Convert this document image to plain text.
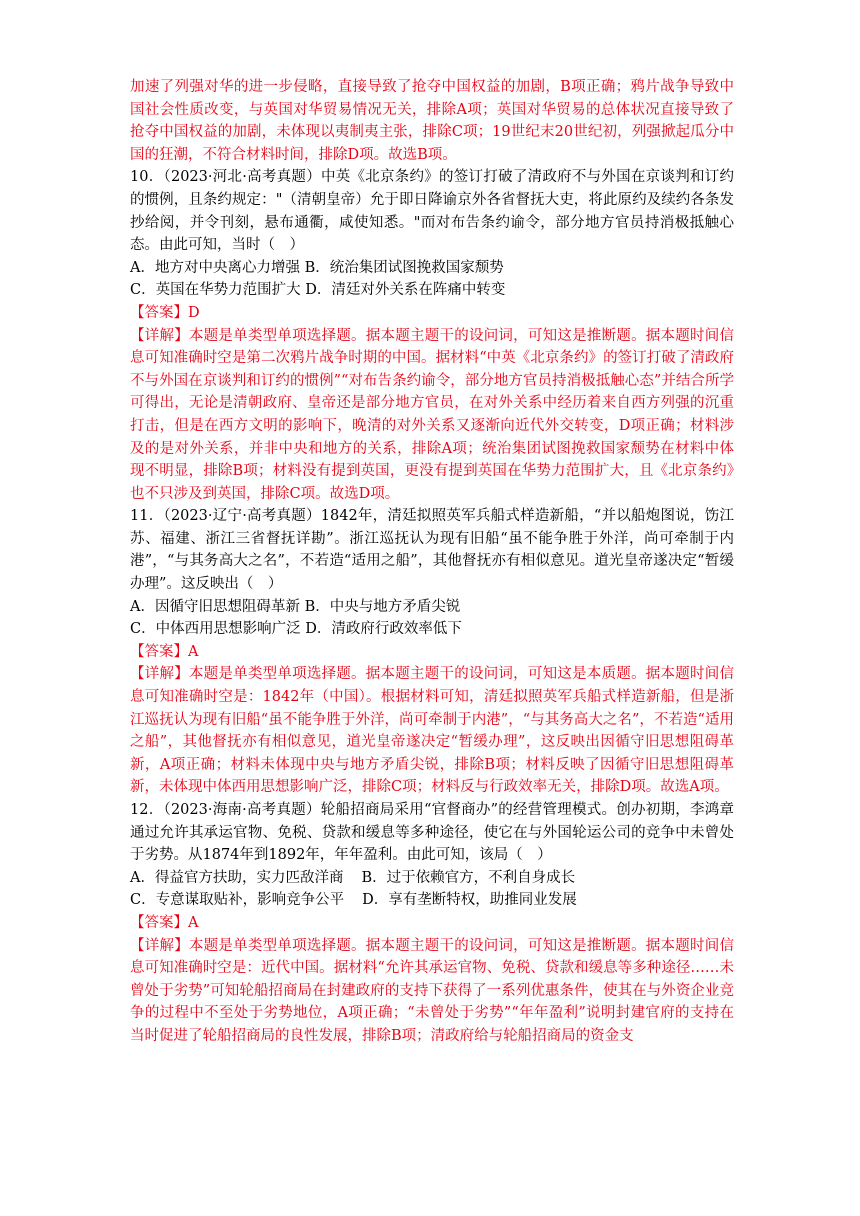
加速了列强对华的进一步侵略，直接导致了抢夺中国权益的加剧，B项正确；鸦片战争导致中国社会性质改变，与英国对华贸易情况无关，排除A项；英国对华贸易的总体状况直接导致了抢夺中国权益的加剧，未体现以夷制夷主张，排除C项；19世纪末20世纪初，列强掀起瓜分中国的狂潮，不符合材料时间，排除D项。故选B项。

10．（2023·河北·高考真题）中英《北京条约》的签订打破了清政府不与外国在京谈判和订约的惯例，且条约规定："（清朝皇帝）允于即日降谕京外各省督抚大吏，将此原约及续约各条发抄给阅，并令刊刻，悬布通衢，咸使知悉。"而对布告条约谕令，部分地方官员持消极抵触心态。由此可知，当时（　）

A．地方对中央离心力增强 B．统治集团试图挽救国家颓势

C．英国在华势力范围扩大 D．清廷对外关系在阵痛中转变

【答案】D

【详解】本题是单类型单项选择题。据本题主题干的设问词，可知这是推断题。据本题时间信息可知准确时空是第二次鸦片战争时期的中国。据材料“中英《北京条约》的签订打破了清政府不与外国在京谈判和订约的惯例”“对布告条约谕令，部分地方官员持消极抵触心态”并结合所学可得出，无论是清朝政府、皇帝还是部分地方官员，在对外关系中经历着来自西方列强的沉重打击，但是在西方文明的影响下，晚清的对外关系又逐渐向近代外交转变，D项正确；材料涉及的是对外关系，并非中央和地方的关系，排除A项；统治集团试图挽救国家颓势在材料中体现不明显，排除B项；材料没有提到英国，更没有提到英国在华势力范围扩大，且《北京条约》也不只涉及到英国，排除C项。故选D项。

11．（2023·辽宁·高考真题）1842年，清廷拟照英军兵船式样造新船，“并以船炮图说，饬江苏、福建、浙江三省督抚详勘”。浙江巡抚认为现有旧船“虽不能争胜于外洋，尚可牵制于内港”，“与其务高大之名”，不若造“适用之船”，其他督抚亦有相似意见。道光皇帝遂决定“暂缓办理”。这反映出（　）

A．因循守旧思想阻碍革新 B．中央与地方矛盾尖锐

C．中体西用思想影响广泛 D．清政府行政效率低下

【答案】A

【详解】本题是单类型单项选择题。据本题主题干的设问词，可知这是本质题。据本题时间信息可知准确时空是：1842年（中国）。根据材料可知，清廷拟照英军兵船式样造新船，但是浙江巡抚认为现有旧船“虽不能争胜于外洋，尚可牵制于内港”，“与其务高大之名”，不若造“适用之船”，其他督抚亦有相似意见，道光皇帝遂决定“暂缓办理”，这反映出因循守旧思想阻碍革新，A项正确；材料未体现中央与地方矛盾尖锐，排除B项；材料反映了因循守旧思想阻碍革新，未体现中体西用思想影响广泛，排除C项；材料反与行政效率无关，排除D项。故选A项。

12．（2023·海南·高考真题）轮船招商局采用“官督商办”的经营管理模式。创办初期，李鸿章通过允许其承运官物、免税、贷款和缓息等多种途径，使它在与外国轮运公司的竞争中未曾处于劣势。从1874年到1892年，年年盈利。由此可知，该局（　）

A．得益官方扶助，实力匹敌洋商 B．过于依赖官方，不利自身成长
C．专意谋取贴补，影响竞争公平 D．享有垄断特权，助推同业发展

【答案】A

【详解】本题是单类型单项选择题。据本题主题干的设问词，可知这是推断题。据本题时间信息可知准确时空是：近代中国。据材料“允许其承运官物、免税、贷款和缓息等多种途径……未曾处于劣势”可知轮船招商局在封建政府的支持下获得了一系列优惠条件，使其在与外资企业竞争的过程中不至处于劣势地位，A项正确；“未曾处于劣势”“年年盈利”说明封建官府的支持在当时促进了轮船招商局的良性发展，排除B项；清政府给与轮船招商局的资金支
